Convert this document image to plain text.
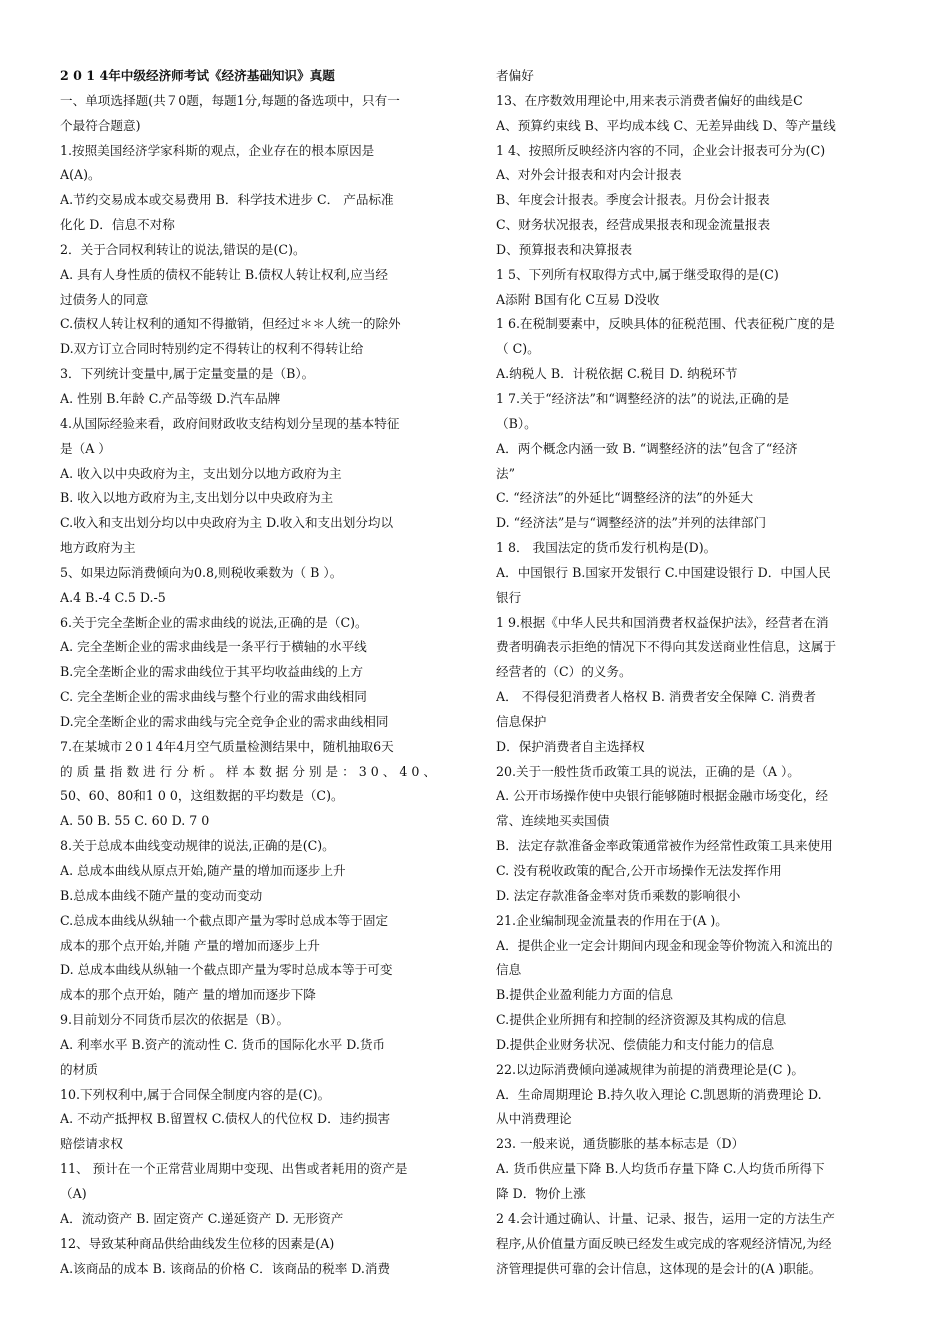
2 0 1 4年中级经济师考试《经济基础知识》真题
一、单项选择题(共７0题，每题1分,每题的备选项中，只有一
个最符合题意)
1.按照美国经济学家科斯的观点，企业存在的根本原因是
A(A)。
A.节约交易成本或交易费用 B．科学技术进步 C． 产品标准
化化 D．信息不对称
2．关于合同权利转让的说法,错误的是(C)。
A. 具有人身性质的债权不能转让 B.债权人转让权利,应当经
过债务人的同意
C.债权人转让权利的通知不得撤销，但经过＊＊人统一的除外
D.双方订立合同时特别约定不得转让的权利不得转让给
3．下列统计变量中,属于定量变量的是（B）。
A. 性别 B.年龄 C.产品等级 D.汽车品牌
4.从国际经验来看，政府间财政收支结构划分呈现的基本特征
是（A ）
A. 收入以中央政府为主，支出划分以地方政府为主
B. 收入以地方政府为主,支出划分以中央政府为主
C.收入和支出划分均以中央政府为主 D.收入和支出划分均以
地方政府为主
5、如果边际消费倾向为0.8,则税收乘数为（ B ）。
A.4 B.-4 C.5 D.-5
6.关于完全垄断企业的需求曲线的说法,正确的是（C)。
A. 完全垄断企业的需求曲线是一条平行于横轴的水平线
B.完全垄断企业的需求曲线位于其平均收益曲线的上方
C. 完全垄断企业的需求曲线与整个行业的需求曲线相同
D.完全垄断企业的需求曲线与完全竞争企业的需求曲线相同
7.在某城市２0１4年4月空气质量检测结果中，随机抽取6天
的 质 量 指 数 进 行 分 析 。 样 本 数 据 分 别 是 ： 3 0 、 4 0 、
50、60、80和1 0 0，这组数据的平均数是（C)。
A. 50 B. 55 C. 60 D. 7 0
8.关于总成本曲线变动规律的说法,正确的是(C)。
A. 总成本曲线从原点开始,随产量的增加而逐步上升
B.总成本曲线不随产量的变动而变动
C.总成本曲线从纵轴一个截点即产量为零时总成本等于固定
成本的那个点开始,并随 产量的增加而逐步上升
D. 总成本曲线从纵轴一个截点即产量为零时总成本等于可变
成本的那个点开始，随产 量的增加而逐步下降
9.目前划分不同货币层次的依据是（B）。
A. 利率水平 B.资产的流动性 C. 货币的国际化水平 D.货币
的材质
10.下列权利中,属于合同保全制度内容的是(C)。
A. 不动产抵押权 B.留置权 C.债权人的代位权 D．违约损害
赔偿请求权
11、 预计在一个正常营业周期中变现、出售或者耗用的资产是
（A)
A．流动资产 B. 固定资产 C.递延资产 D. 无形资产
12、导致某种商品供给曲线发生位移的因素是(A)
A.该商品的成本 B. 该商品的价格 C．该商品的税率 D.消费
者偏好
13、在序数效用理论中,用来表示消费者偏好的曲线是C
A、预算约束线 B、平均成本线 C、无差异曲线 D、等产量线
1 4、按照所反映经济内容的不同，企业会计报表可分为(C)
A、对外会计报表和对内会计报表
B、年度会计报表。季度会计报表。月份会计报表
C、财务状况报表，经营成果报表和现金流量报表
D、预算报表和决算报表
1 5、下列所有权取得方式中,属于继受取得的是(C)
A添附 B国有化 C互易 D没收
1 6.在税制要素中，反映具体的征税范围、代表征税广度的是
（ C)。
A.纳税人 B．计税依据 C.税目 D. 纳税环节
1 7.关于“经济法”和“调整经济的法”的说法,正确的是
（B）。
A．两个概念内涵一致 B. “调整经济的法”包含了“经济
法”
C. “经济法”的外延比“调整经济的法”的外延大
D. “经济法”是与“调整经济的法”并列的法律部门
1 8． 我国法定的货币发行机构是(D)。
A．中国银行 B.国家开发银行 C.中国建设银行 D．中国人民
银行
1 9.根据《中华人民共和国消费者权益保护法》，经营者在消
费者明确表示拒绝的情况下不得向其发送商业性信息，这属于
经营者的（C）的义务。
A． 不得侵犯消费者人格权 B. 消费者安全保障 C. 消费者
信息保护
D．保护消费者自主选择权
20.关于一般性货币政策工具的说法，正确的是（A ）。
A. 公开市场操作使中央银行能够随时根据金融市场变化，经
常、连续地买卖国债
B．法定存款准备金率政策通常被作为经常性政策工具来使用
C. 没有税收政策的配合,公开市场操作无法发挥作用
D. 法定存款准备金率对货币乘数的影响很小
21.企业编制现金流量表的作用在于(A )。
A．提供企业一定会计期间内现金和现金等价物流入和流出的
信息
B.提供企业盈利能力方面的信息
C.提供企业所拥有和控制的经济资源及其构成的信息
D.提供企业财务状况、偿债能力和支付能力的信息
22.以边际消费倾向递减规律为前提的消费理论是(C )。
A．生命周期理论 B.持久收入理论 C.凯恩斯的消费理论 D.
从中消费理论
23. 一般来说，通货膨胀的基本标志是（D）
A. 货币供应量下降 B.人均货币存量下降 C.人均货币所得下
降 D．物价上涨
2 4.会计通过确认、计量、记录、报告，运用一定的方法生产
程序,从价值量方面反映已经发生或完成的客观经济情况,为经
济管理提供可靠的会计信息，这体现的是会计的(A )职能。
